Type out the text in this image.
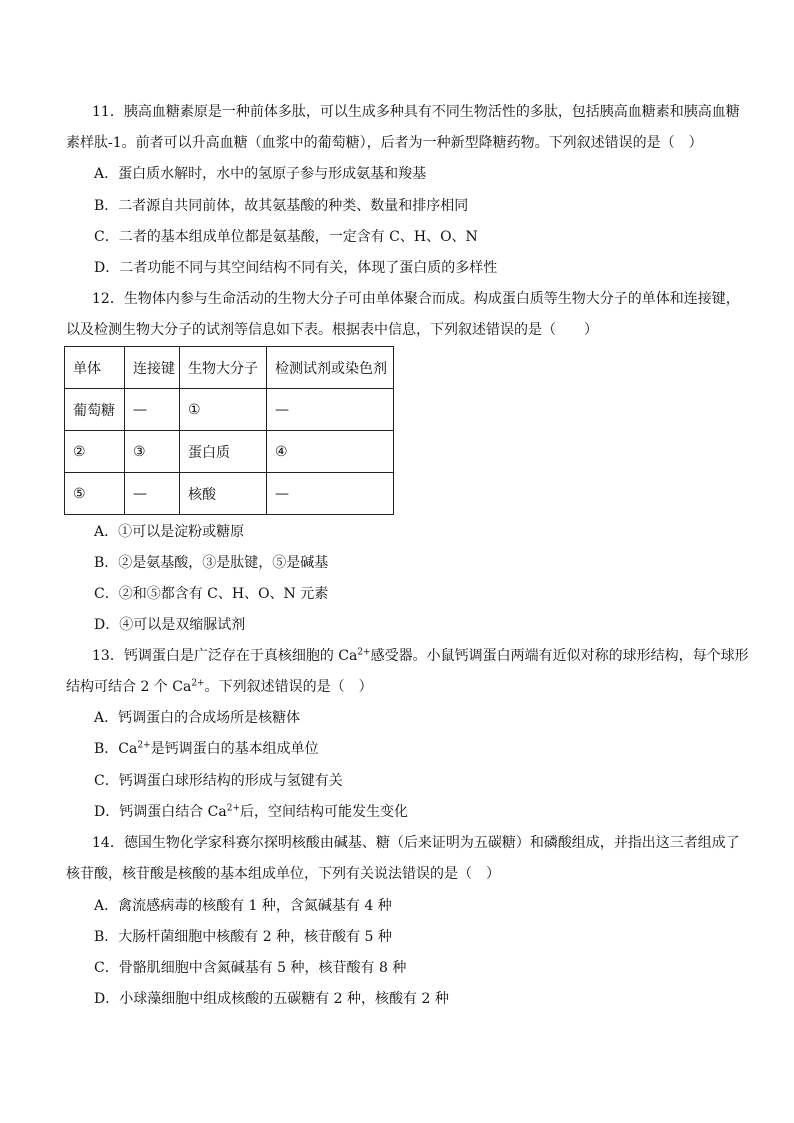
11．胰高血糖素原是一种前体多肽，可以生成多种具有不同生物活性的多肽，包括胰高血糖素和胰高血糖
素样肽-1。前者可以升高血糖（血浆中的葡萄糖），后者为一种新型降糖药物。下列叙述错误的是（　）
A．蛋白质水解时，水中的氢原子参与形成氨基和羧基
B．二者源自共同前体，故其氨基酸的种类、数量和排序相同
C．二者的基本组成单位都是氨基酸，一定含有 C、H、O、N
D．二者功能不同与其空间结构不同有关，体现了蛋白质的多样性
12．生物体内参与生命活动的生物大分子可由单体聚合而成。构成蛋白质等生物大分子的单体和连接键，
以及检测生物大分子的试剂等信息如下表。根据表中信息，下列叙述错误的是（　　）
单体	连接键	生物大分子	检测试剂或染色剂
葡萄糖	—	①	—
②	③	蛋白质	④
⑤	—	核酸	—
A．①可以是淀粉或糖原
B．②是氨基酸，③是肽键，⑤是碱基
C．②和⑤都含有 C、H、O、N 元素
D．④可以是双缩脲试剂
13．钙调蛋白是广泛存在于真核细胞的 $Ca^{2+}$感受器。小鼠钙调蛋白两端有近似对称的球形结构，每个球形
结构可结合 2 个 $Ca^{2+}$。下列叙述错误的是（　）
A．钙调蛋白的合成场所是核糖体
B．$Ca^{2+}$是钙调蛋白的基本组成单位
C．钙调蛋白球形结构的形成与氢键有关
D．钙调蛋白结合 $Ca^{2+}$后，空间结构可能发生变化
14．德国生物化学家科赛尔探明核酸由碱基、糖（后来证明为五碳糖）和磷酸组成，并指出这三者组成了
核苷酸，核苷酸是核酸的基本组成单位，下列有关说法错误的是（　）
A．禽流感病毒的核酸有 1 种，含氮碱基有 4 种
B．大肠杆菌细胞中核酸有 2 种，核苷酸有 5 种
C．骨骼肌细胞中含氮碱基有 5 种，核苷酸有 8 种
D．小球藻细胞中组成核酸的五碳糖有 2 种，核酸有 2 种
